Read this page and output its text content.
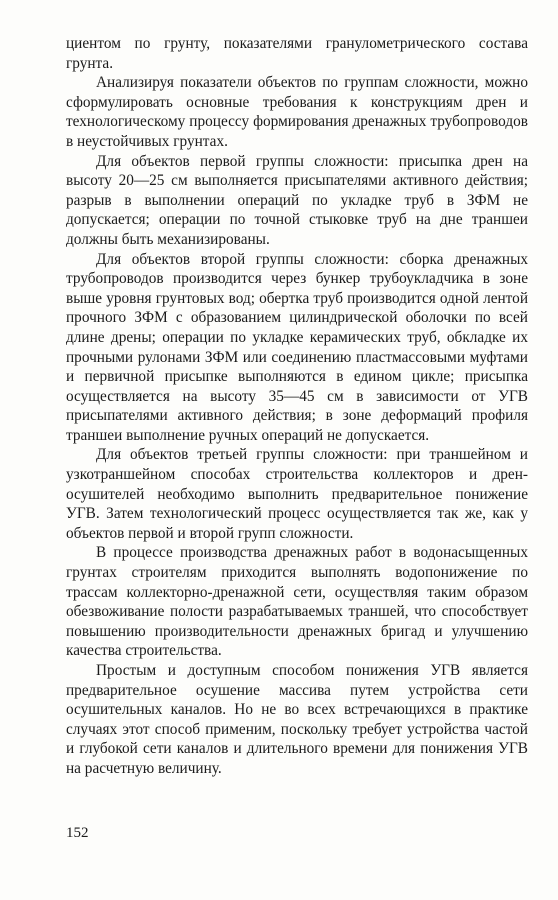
циентом по грунту, показателями гранулометрического состава грунта.

Анализируя показатели объектов по группам сложности, можно сформулировать основные требования к конструкциям дрен и технологическому процессу формирования дренажных трубопроводов в неустойчивых грунтах.

Для объектов первой группы сложности: присыпка дрен на высоту 20—25 см выполняется присыпателями активного действия; разрыв в выполнении операций по укладке труб в ЗФМ не допускается; операции по точной стыковке труб на дне траншеи должны быть механизированы.

Для объектов второй группы сложности: сборка дренажных трубопроводов производится через бункер трубоукладчика в зоне выше уровня грунтовых вод; обертка труб производится одной лентой прочного ЗФМ с образованием цилиндрической оболочки по всей длине дрены; операции по укладке керамических труб, обкладке их прочными рулонами ЗФМ или соединению пластмассовыми муфтами и первичной присыпке выполняются в едином цикле; присыпка осуществляется на высоту 35—45 см в зависимости от УГВ присыпателями активного действия; в зоне деформаций профиля траншеи выполнение ручных операций не допускается.

Для объектов третьей группы сложности: при траншейном и узкотраншейном способах строительства коллекторов и дрен-осушителей необходимо выполнить предварительное понижение УГВ. Затем технологический процесс осуществляется так же, как у объектов первой и второй групп сложности.

В процессе производства дренажных работ в водонасыщенных грунтах строителям приходится выполнять водопонижение по трассам коллекторно-дренажной сети, осуществляя таким образом обезвоживание полости разрабатываемых траншей, что способствует повышению производительности дренажных бригад и улучшению качества строительства.

Простым и доступным способом понижения УГВ является предварительное осушение массива путем устройства сети осушительных каналов. Но не во всех встречающихся в практике случаях этот способ применим, поскольку требует устройства частой и глубокой сети каналов и длительного времени для понижения УГВ на расчетную величину.

152
